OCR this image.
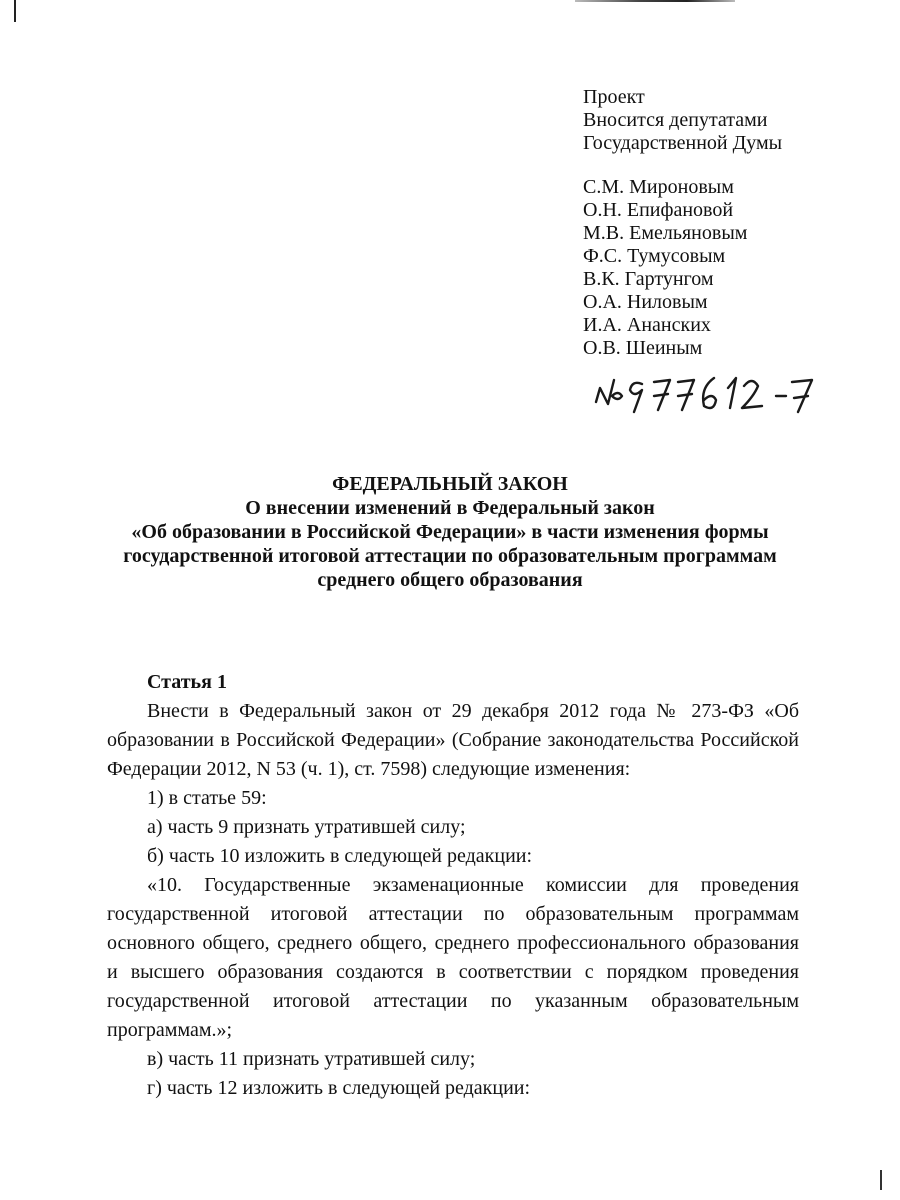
Проект
Вносится депутатами
Государственной Думы
С.М. Мироновым
О.Н. Епифановой
М.В. Емельяновым
Ф.С. Тумусовым
В.К. Гартунгом
О.А. Ниловым
И.А. Ананских
О.В. Шеиным
ФЕДЕРАЛЬНЫЙ ЗАКОН
О внесении изменений в Федеральный закон
«Об образовании в Российской Федерации» в части изменения формы
государственной итоговой аттестации по образовательным программам
среднего общего образования
Статья 1

Внести в Федеральный закон от 29 декабря 2012 года № 273-ФЗ «Об образовании в Российской Федерации» (Собрание законодательства Российской Федерации 2012, N 53 (ч. 1), ст. 7598) следующие изменения:

1) в статье 59:

а) часть 9 признать утратившей силу;

б) часть 10 изложить в следующей редакции:

«10. Государственные экзаменационные комиссии для проведения государственной итоговой аттестации по образовательным программам основного общего, среднего общего, среднего профессионального образования и высшего образования создаются в соответствии с порядком проведения государственной итоговой аттестации по указанным образовательным программам.»;

в) часть 11 признать утратившей силу;

г) часть 12 изложить в следующей редакции:
